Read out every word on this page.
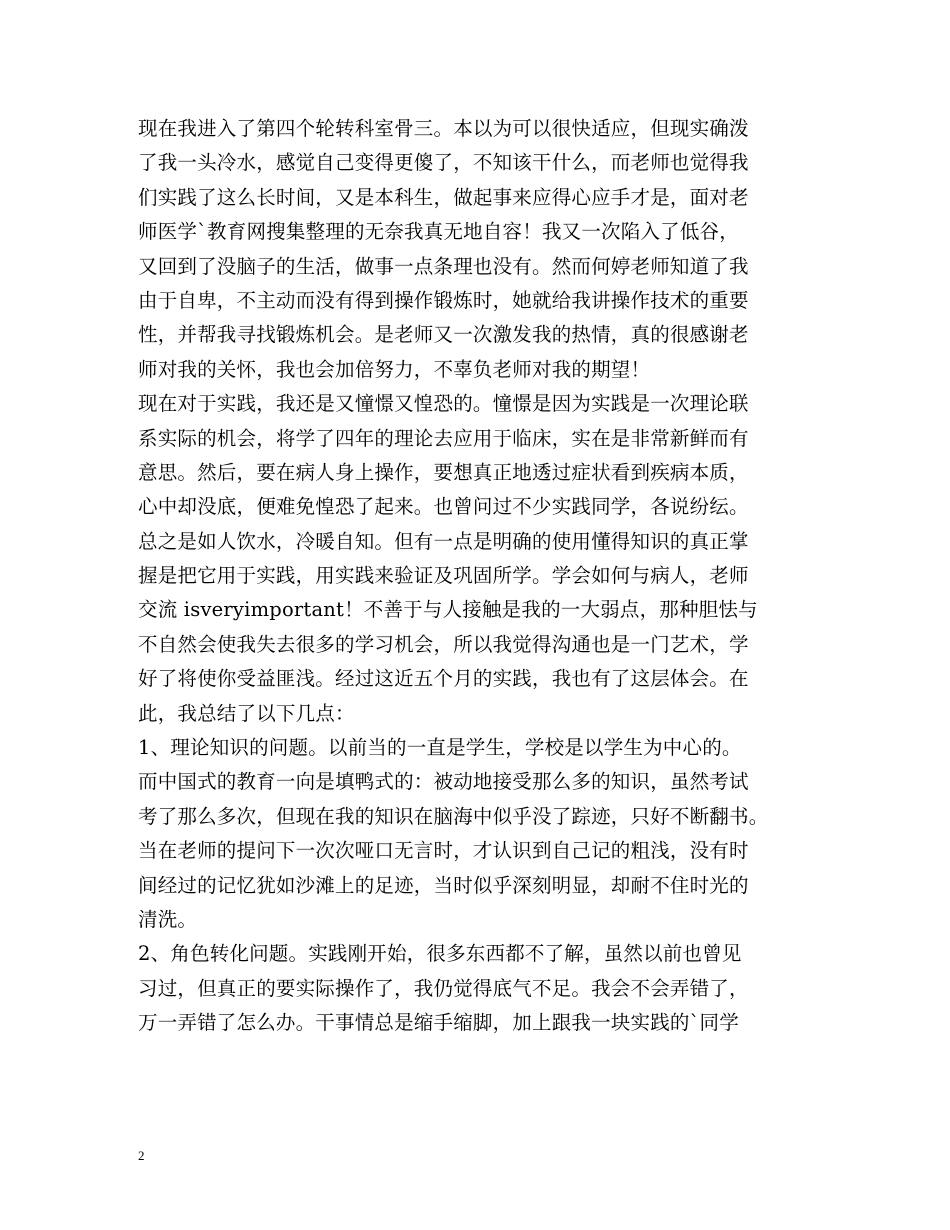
现在我进入了第四个轮转科室骨三。本以为可以很快适应，但现实确泼
了我一头冷水，感觉自己变得更傻了，不知该干什么，而老师也觉得我
们实践了这么长时间，又是本科生，做起事来应得心应手才是，面对老
师医学`教育网搜集整理的无奈我真无地自容！我又一次陷入了低谷，
又回到了没脑子的生活，做事一点条理也没有。然而何婷老师知道了我
由于自卑，不主动而没有得到操作锻炼时，她就给我讲操作技术的重要
性，并帮我寻找锻炼机会。是老师又一次激发我的热情，真的很感谢老
师对我的关怀，我也会加倍努力，不辜负老师对我的期望！
现在对于实践，我还是又憧憬又惶恐的。憧憬是因为实践是一次理论联
系实际的机会，将学了四年的理论去应用于临床，实在是非常新鲜而有
意思。然后，要在病人身上操作，要想真正地透过症状看到疾病本质，
心中却没底，便难免惶恐了起来。也曾问过不少实践同学，各说纷纭。
总之是如人饮水，冷暖自知。但有一点是明确的使用懂得知识的真正掌
握是把它用于实践，用实践来验证及巩固所学。学会如何与病人，老师
交流 isveryimportant！不善于与人接触是我的一大弱点，那种胆怯与
不自然会使我失去很多的学习机会，所以我觉得沟通也是一门艺术，学
好了将使你受益匪浅。经过这近五个月的实践，我也有了这层体会。在
此，我总结了以下几点：
1、理论知识的问题。以前当的一直是学生，学校是以学生为中心的。
而中国式的教育一向是填鸭式的：被动地接受那么多的知识，虽然考试
考了那么多次，但现在我的知识在脑海中似乎没了踪迹，只好不断翻书。
当在老师的提问下一次次哑口无言时，才认识到自己记的粗浅，没有时
间经过的记忆犹如沙滩上的足迹，当时似乎深刻明显，却耐不住时光的
清洗。
2、角色转化问题。实践刚开始，很多东西都不了解，虽然以前也曾见
习过，但真正的要实际操作了，我仍觉得底气不足。我会不会弄错了，
万一弄错了怎么办。干事情总是缩手缩脚，加上跟我一块实践的`同学
2
